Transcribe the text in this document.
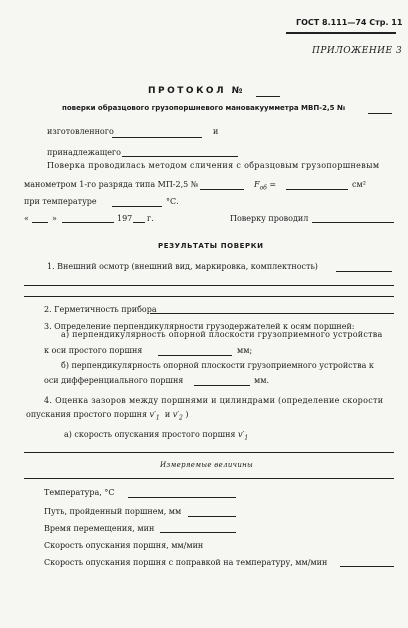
ГОСТ 8.111—74 Стр. 11
ПРИЛОЖЕНИЕ 3
ПРОТОКОЛ №
поверки образцового грузопоршневого мановакуумметра МВП-2,5 №
изготовленного	и
принадлежащего
Поверка проводилась методом сличения с образцовым грузопоршневым
манометром 1-го разряда типа МП-2,5 №	$F_{об}$ =	см²
при температуре	°С.
«	»	197 г.	Поверку проводил
РЕЗУЛЬТАТЫ ПОВЕРКИ
1. Внешний осмотр (внешний вид, маркировка, комплектность)
2. Герметичность прибора
3. Определение перпендикулярности грузодержателей к осям поршней:
а) перпендикулярность опорной плоскости грузоприемного устройства
к оси простого поршня	мм;
б) перпендикулярность опорной плоскости грузоприемного устройства к
оси дифференциального поршня	мм.
4. Оценка зазоров между поршнями и цилиндрами (определение скорости
опускания простого поршня $v'_1$ и $v'_2$ )
а) скорость опускания простого поршня $v'_1$
Измеряемые величины
Температура, °С
Путь, пройденный поршнем, мм
Время перемещения, мин
Скорость опускания поршня, мм/мин
Скорость опускания поршня с поправкой на температуру, мм/мин
